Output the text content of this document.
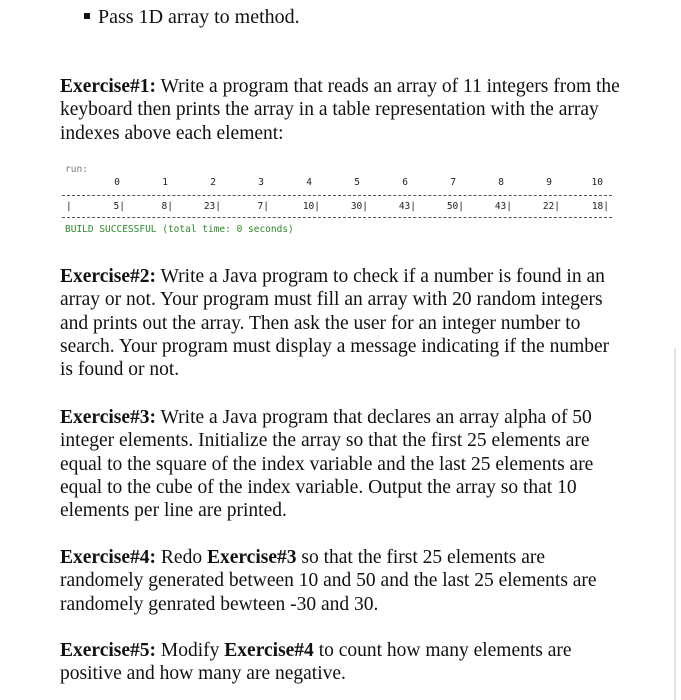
Pass 1D array to method.
Exercise#1: Write a program that reads an array of 11 integers from the keyboard then prints the array in a table representation with the array indexes above each element:
run:
0	1	2	3	4	5	6	7	8	9	10
|	5|	8|	23|	7|	10|	30|	43|	50|	43|	22|	18|
BUILD SUCCESSFUL (total time: 0 seconds)
Exercise#2: Write a Java program to check if a number is found in an array or not. Your program must fill an array with 20 random integers and prints out the array. Then ask the user for an integer number to search. Your program must display a message indicating if the number is found or not.
Exercise#3: Write a Java program that declares an array alpha of 50 integer elements. Initialize the array so that the first 25 elements are equal to the square of the index variable and the last 25 elements are equal to the cube of the index variable. Output the array so that 10 elements per line are printed.
Exercise#4: Redo Exercise#3 so that the first 25 elements are randomely generated between 10 and 50 and the last 25 elements are randomely genrated bewteen -30 and 30.
Exercise#5: Modify Exercise#4 to count how many elements are positive and how many are negative.
